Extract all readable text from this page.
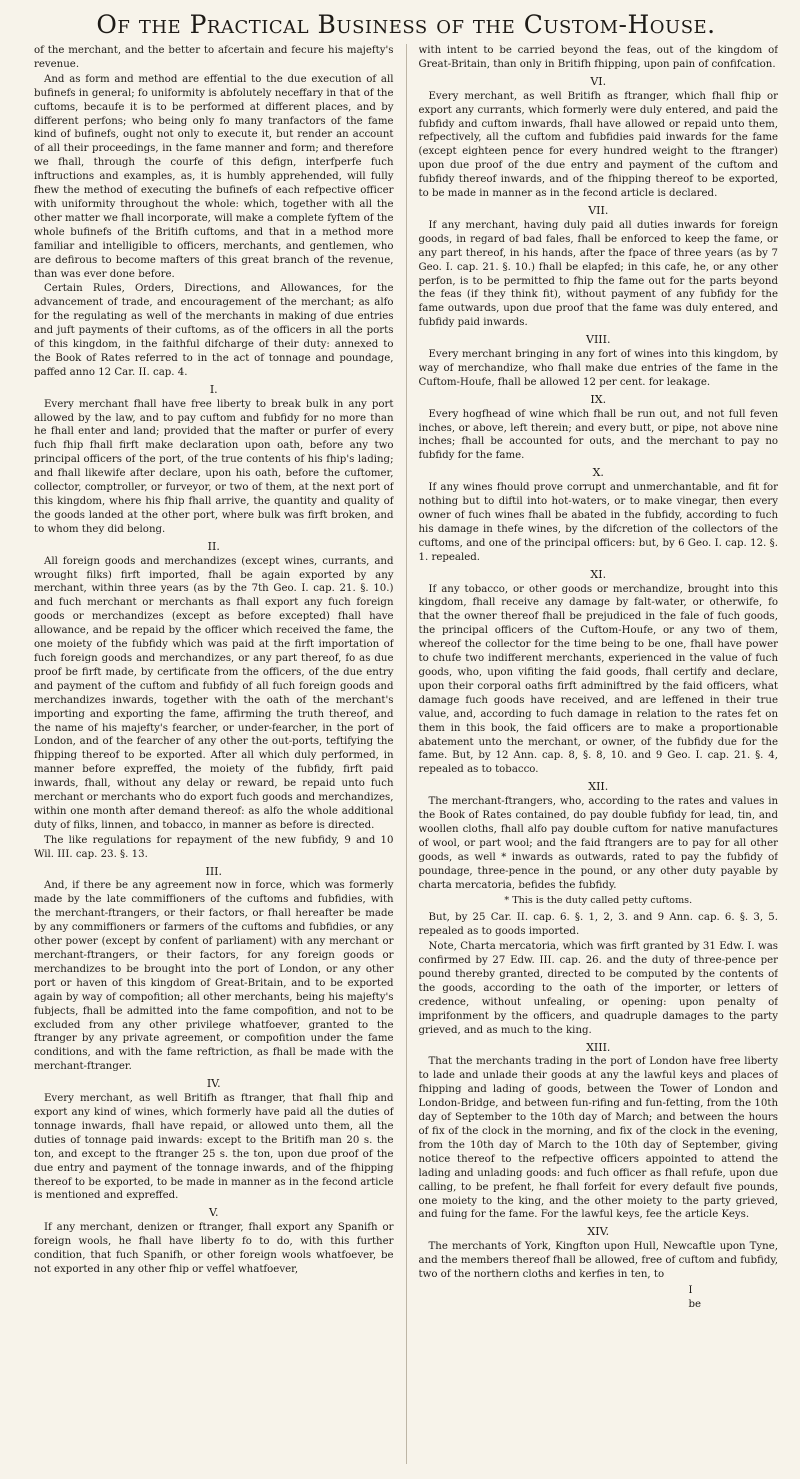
Of the Practical Business of the Custom-House.

of the merchant, and the better to afcertain and fecure his majefty's revenue.

And as form and method are effential to the due execution of all bufinefs in general; fo uniformity is abfolutely neceffary in that of the cuftoms, becaufe it is to be performed at different places, and by different perfons; who being only fo many tranfactors of the fame kind of bufinefs, ought not only to execute it, but render an account of all their proceedings, in the fame manner and form; and therefore we fhall, through the courfe of this defign, interfperfe fuch inftructions and examples, as, it is humbly apprehended, will fully fhew the method of executing the bufinefs of each refpective officer with uniformity throughout the whole: which, together with all the other matter we fhall incorporate, will make a complete fyftem of the whole bufinefs of the Britifh cuftoms, and that in a method more familiar and intelligible to officers, merchants, and gentlemen, who are defirous to become mafters of this great branch of the revenue, than was ever done before.

Certain Rules, Orders, Directions, and Allowances, for the advancement of trade, and encouragement of the merchant; as alfo for the regulating as well of the merchants in making of due entries and juft payments of their cuftoms, as of the officers in all the ports of this kingdom, in the faithful difcharge of their duty: annexed to the Book of Rates referred to in the act of tonnage and poundage, paffed anno 12 Car. II. cap. 4.

I.

Every merchant fhall have free liberty to break bulk in any port allowed by the law, and to pay cuftom and fubfidy for no more than he fhall enter and land; provided that the mafter or purfer of every fuch fhip fhall firft make declaration upon oath, before any two principal officers of the port, of the true contents of his fhip's lading; and fhall likewife after declare, upon his oath, before the cuftomer, collector, comptroller, or furveyor, or two of them, at the next port of this kingdom, where his fhip fhall arrive, the quantity and quality of the goods landed at the other port, where bulk was firft broken, and to whom they did belong.

II.

All foreign goods and merchandizes (except wines, currants, and wrought filks) firft imported, fhall be again exported by any merchant, within three years (as by the 7th Geo. I. cap. 21. §. 10.) and fuch merchant or merchants as fhall export any fuch foreign goods or merchandizes (except as before excepted) fhall have allowance, and be repaid by the officer which received the fame, the one moiety of the fubfidy which was paid at the firft importation of fuch foreign goods and merchandizes, or any part thereof, fo as due proof be firft made, by certificate from the officers, of the due entry and payment of the cuftom and fubfidy of all fuch foreign goods and merchandizes inwards, together with the oath of the merchant's importing and exporting the fame, affirming the truth thereof, and the name of his majefty's fearcher, or under-fearcher, in the port of London, and of the fearcher of any other the out-ports, teftifying the fhipping thereof to be exported. After all which duly performed, in manner before expreffed, the moiety of the fubfidy, firft paid inwards, fhall, without any delay or reward, be repaid unto fuch merchant or merchants who do export fuch goods and merchandizes, within one month after demand thereof: as alfo the whole additional duty of filks, linnen, and tobacco, in manner as before is directed.

The like regulations for repayment of the new fubfidy, 9 and 10 Wil. III. cap. 23. §. 13.

III.

And, if there be any agreement now in force, which was formerly made by the late commiffioners of the cuftoms and fubfidies, with the merchant-ftrangers, or their factors, or fhall hereafter be made by any commiffioners or farmers of the cuftoms and fubfidies, or any other power (except by confent of parliament) with any merchant or merchant-ftrangers, or their factors, for any foreign goods or merchandizes to be brought into the port of London, or any other port or haven of this kingdom of Great-Britain, and to be exported again by way of compofition; all other merchants, being his majefty's fubjects, fhall be admitted into the fame compofition, and not to be excluded from any other privilege whatfoever, granted to the ftranger by any private agreement, or compofition under the fame conditions, and with the fame reftriction, as fhall be made with the merchant-ftranger.

IV.

Every merchant, as well Britifh as ftranger, that fhall fhip and export any kind of wines, which formerly have paid all the duties of tonnage inwards, fhall have repaid, or allowed unto them, all the duties of tonnage paid inwards: except to the Britifh man 20 s. the ton, and except to the ftranger 25 s. the ton, upon due proof of the due entry and payment of the tonnage inwards, and of the fhipping thereof to be exported, to be made in manner as in the fecond article is mentioned and expreffed.

V.

If any merchant, denizen or ftranger, fhall export any Spanifh or foreign wools, he fhall have liberty fo to do, with this further condition, that fuch Spanifh, or other foreign wools whatfoever, be not exported in any other fhip or veffel whatfoever,

with intent to be carried beyond the feas, out of the kingdom of Great-Britain, than only in Britifh fhipping, upon pain of confifcation.

VI.

Every merchant, as well Britifh as ftranger, which fhall fhip or export any currants, which formerly were duly entered, and paid the fubfidy and cuftom inwards, fhall have allowed or repaid unto them, refpectively, all the cuftom and fubfidies paid inwards for the fame (except eighteen pence for every hundred weight to the ftranger) upon due proof of the due entry and payment of the cuftom and fubfidy thereof inwards, and of the fhipping thereof to be exported, to be made in manner as in the fecond article is declared.

VII.

If any merchant, having duly paid all duties inwards for foreign goods, in regard of bad fales, fhall be enforced to keep the fame, or any part thereof, in his hands, after the fpace of three years (as by 7 Geo. I. cap. 21. §. 10.) fhall be elapfed; in this cafe, he, or any other perfon, is to be permitted to fhip the fame out for the parts beyond the feas (if they think fit), without payment of any fubfidy for the fame outwards, upon due proof that the fame was duly entered, and fubfidy paid inwards.

VIII.

Every merchant bringing in any fort of wines into this kingdom, by way of merchandize, who fhall make due entries of the fame in the Cuftom-Houfe, fhall be allowed 12 per cent. for leakage.

IX.

Every hogfhead of wine which fhall be run out, and not full feven inches, or above, left therein; and every butt, or pipe, not above nine inches; fhall be accounted for outs, and the merchant to pay no fubfidy for the fame.

X.

If any wines fhould prove corrupt and unmerchantable, and fit for nothing but to diftil into hot-waters, or to make vinegar, then every owner of fuch wines fhall be abated in the fubfidy, according to fuch his damage in thefe wines, by the difcretion of the collectors of the cuftoms, and one of the principal officers: but, by 6 Geo. I. cap. 12. §. 1. repealed.

XI.

If any tobacco, or other goods or merchandize, brought into this kingdom, fhall receive any damage by falt-water, or otherwife, fo that the owner thereof fhall be prejudiced in the fale of fuch goods, the principal officers of the Cuftom-Houfe, or any two of them, whereof the collector for the time being to be one, fhall have power to chufe two indifferent merchants, experienced in the value of fuch goods, who, upon vifiting the faid goods, fhall certify and declare, upon their corporal oaths firft adminiftred by the faid officers, what damage fuch goods have received, and are leffened in their true value, and, according to fuch damage in relation to the rates fet on them in this book, the faid officers are to make a proportionable abatement unto the merchant, or owner, of the fubfidy due for the fame. But, by 12 Ann. cap. 8, §. 8, 10. and 9 Geo. I. cap. 21. §. 4, repealed as to tobacco.

XII.

The merchant-ftrangers, who, according to the rates and values in the Book of Rates contained, do pay double fubfidy for lead, tin, and woollen cloths, fhall alfo pay double cuftom for native manufactures of wool, or part wool; and the faid ftrangers are to pay for all other goods, as well * inwards as outwards, rated to pay the fubfidy of poundage, three-pence in the pound, or any other duty payable by charta mercatoria, befides the fubfidy.

* This is the duty called petty cuftoms.

But, by 25 Car. II. cap. 6. §. 1, 2, 3. and 9 Ann. cap. 6. §. 3, 5. repealed as to goods imported.

Note, Charta mercatoria, which was firft granted by 31 Edw. I. was confirmed by 27 Edw. III. cap. 26. and the duty of three-pence per pound thereby granted, directed to be computed by the contents of the goods, according to the oath of the importer, or letters of credence, without unfealing, or opening: upon penalty of imprifonment by the officers, and quadruple damages to the party grieved, and as much to the king.

XIII.

That the merchants trading in the port of London have free liberty to lade and unlade their goods at any the lawful keys and places of fhipping and lading of goods, between the Tower of London and London-Bridge, and between fun-rifing and fun-fetting, from the 10th day of September to the 10th day of March; and between the hours of fix of the clock in the morning, and fix of the clock in the evening, from the 10th day of March to the 10th day of September, giving notice thereof to the refpective officers appointed to attend the lading and unlading goods: and fuch officer as fhall refufe, upon due calling, to be prefent, he fhall forfeit for every default five pounds, one moiety to the king, and the other moiety to the party grieved, and fuing for the fame. For the lawful keys, fee the article Keys.

XIV.

The merchants of York, Kingfton upon Hull, Newcaftle upon Tyne, and the members thereof fhall be allowed, free of cuftom and fubfidy, two of the northern cloths and kerfies in ten, to

I be
